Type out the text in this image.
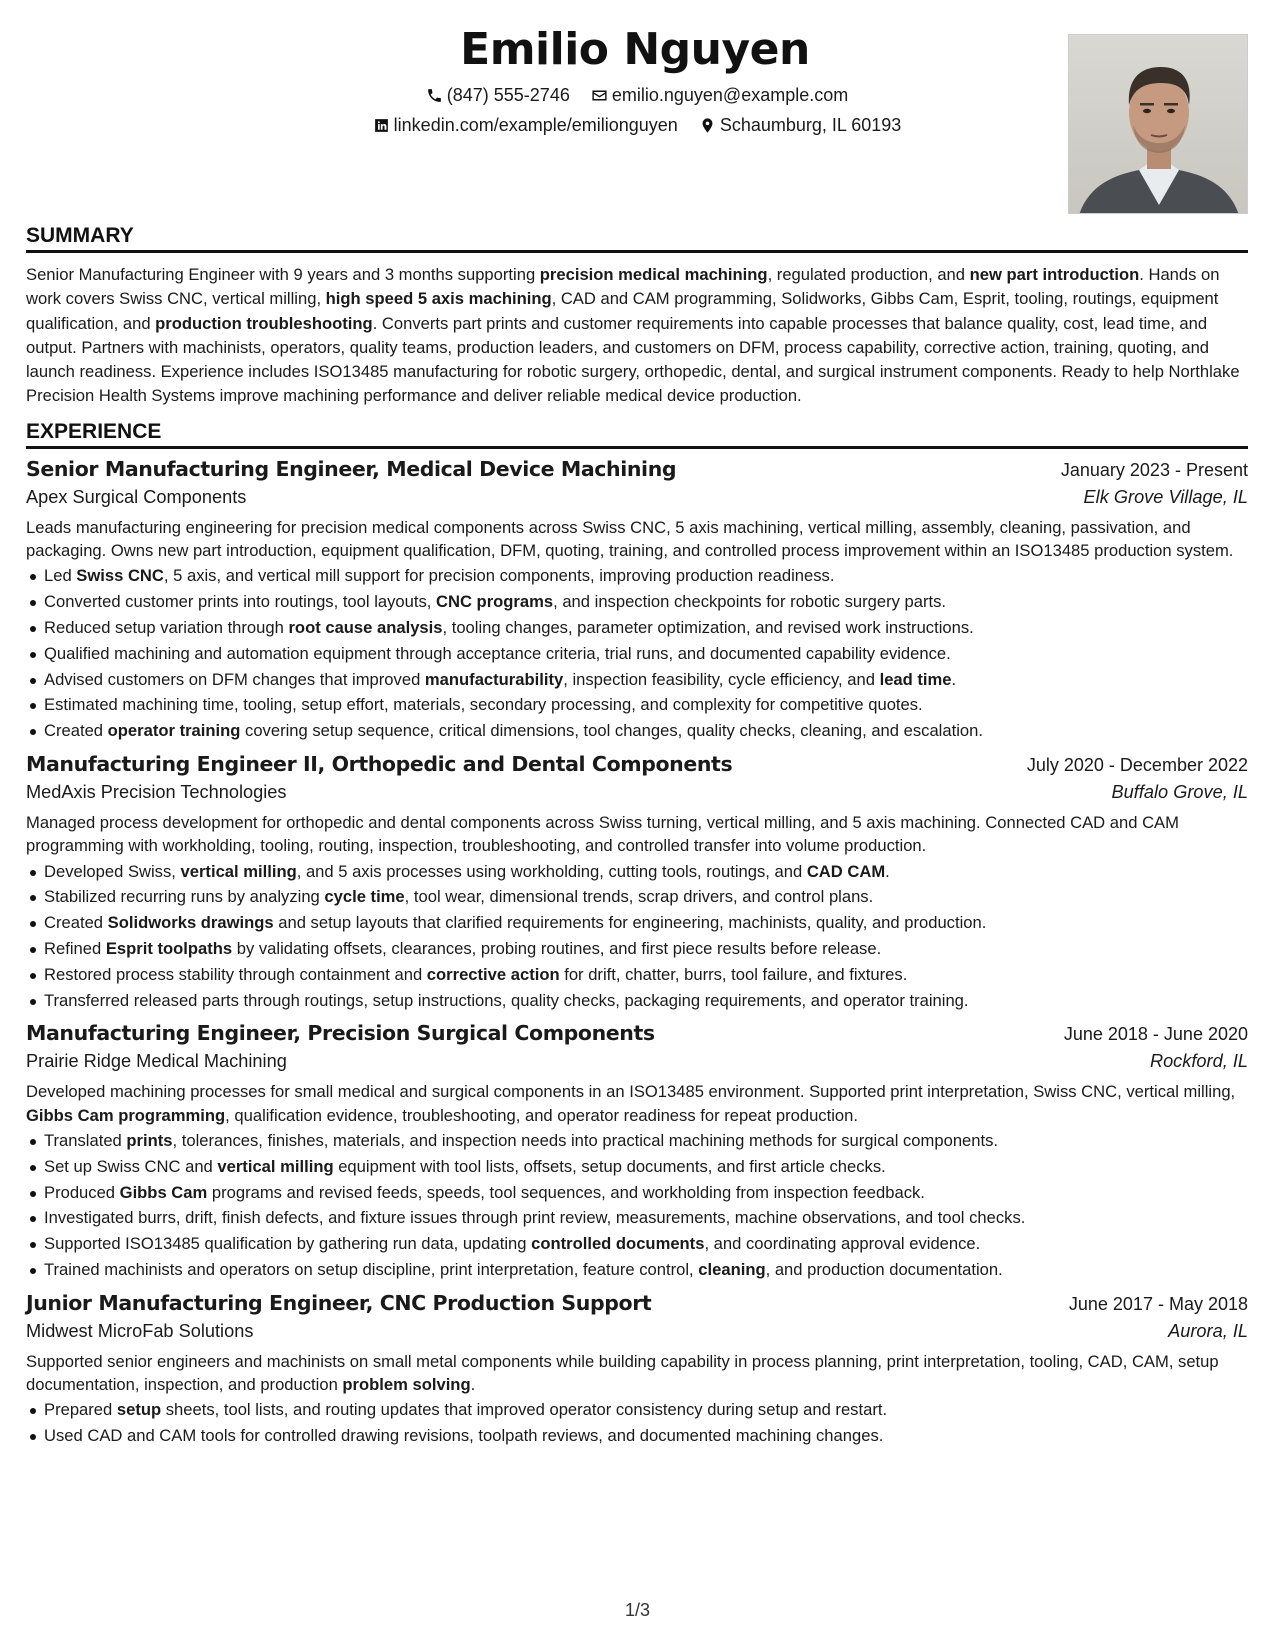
Emilio Nguyen
(847) 555-2746
emilio.nguyen@example.com
linkedin.com/example/emilionguyen
Schaumburg, IL 60193
SUMMARY

Senior Manufacturing Engineer with 9 years and 3 months supporting precision medical machining, regulated production, and new part introduction. Hands on work covers Swiss CNC, vertical milling, high speed 5 axis machining, CAD and CAM programming, Solidworks, Gibbs Cam, Esprit, tooling, routings, equipment qualification, and production troubleshooting. Converts part prints and customer requirements into capable processes that balance quality, cost, lead time, and output. Partners with machinists, operators, quality teams, production leaders, and customers on DFM, process capability, corrective action, training, quoting, and launch readiness. Experience includes ISO13485 manufacturing for robotic surgery, orthopedic, dental, and surgical instrument components. Ready to help Northlake Precision Health Systems improve machining performance and deliver reliable medical device production.

EXPERIENCE
Senior Manufacturing Engineer, Medical Device Machining	January 2023 - Present
Apex Surgical Components	Elk Grove Village, IL

Leads manufacturing engineering for precision medical components across Swiss CNC, 5 axis machining, vertical milling, assembly, cleaning, passivation, and packaging. Owns new part introduction, equipment qualification, DFM, quoting, training, and controlled process improvement within an ISO13485 production system.

Led Swiss CNC, 5 axis, and vertical mill support for precision components, improving production readiness.
Converted customer prints into routings, tool layouts, CNC programs, and inspection checkpoints for robotic surgery parts.
Reduced setup variation through root cause analysis, tooling changes, parameter optimization, and revised work instructions.
Qualified machining and automation equipment through acceptance criteria, trial runs, and documented capability evidence.
Advised customers on DFM changes that improved manufacturability, inspection feasibility, cycle efficiency, and lead time.
Estimated machining time, tooling, setup effort, materials, secondary processing, and complexity for competitive quotes.
Created operator training covering setup sequence, critical dimensions, tool changes, quality checks, cleaning, and escalation.
Manufacturing Engineer II, Orthopedic and Dental Components	July 2020 - December 2022
MedAxis Precision Technologies	Buffalo Grove, IL

Managed process development for orthopedic and dental components across Swiss turning, vertical milling, and 5 axis machining. Connected CAD and CAM programming with workholding, tooling, routing, inspection, troubleshooting, and controlled transfer into volume production.

Developed Swiss, vertical milling, and 5 axis processes using workholding, cutting tools, routings, and CAD CAM.
Stabilized recurring runs by analyzing cycle time, tool wear, dimensional trends, scrap drivers, and control plans.
Created Solidworks drawings and setup layouts that clarified requirements for engineering, machinists, quality, and production.
Refined Esprit toolpaths by validating offsets, clearances, probing routines, and first piece results before release.
Restored process stability through containment and corrective action for drift, chatter, burrs, tool failure, and fixtures.
Transferred released parts through routings, setup instructions, quality checks, packaging requirements, and operator training.
Manufacturing Engineer, Precision Surgical Components	June 2018 - June 2020
Prairie Ridge Medical Machining	Rockford, IL

Developed machining processes for small medical and surgical components in an ISO13485 environment. Supported print interpretation, Swiss CNC, vertical milling, Gibbs Cam programming, qualification evidence, troubleshooting, and operator readiness for repeat production.

Translated prints, tolerances, finishes, materials, and inspection needs into practical machining methods for surgical components.
Set up Swiss CNC and vertical milling equipment with tool lists, offsets, setup documents, and first article checks.
Produced Gibbs Cam programs and revised feeds, speeds, tool sequences, and workholding from inspection feedback.
Investigated burrs, drift, finish defects, and fixture issues through print review, measurements, machine observations, and tool checks.
Supported ISO13485 qualification by gathering run data, updating controlled documents, and coordinating approval evidence.
Trained machinists and operators on setup discipline, print interpretation, feature control, cleaning, and production documentation.
Junior Manufacturing Engineer, CNC Production Support	June 2017 - May 2018
Midwest MicroFab Solutions	Aurora, IL

Supported senior engineers and machinists on small metal components while building capability in process planning, print interpretation, tooling, CAD, CAM, setup documentation, inspection, and production problem solving.

Prepared setup sheets, tool lists, and routing updates that improved operator consistency during setup and restart.
Used CAD and CAM tools for controlled drawing revisions, toolpath reviews, and documented machining changes.
1/3
